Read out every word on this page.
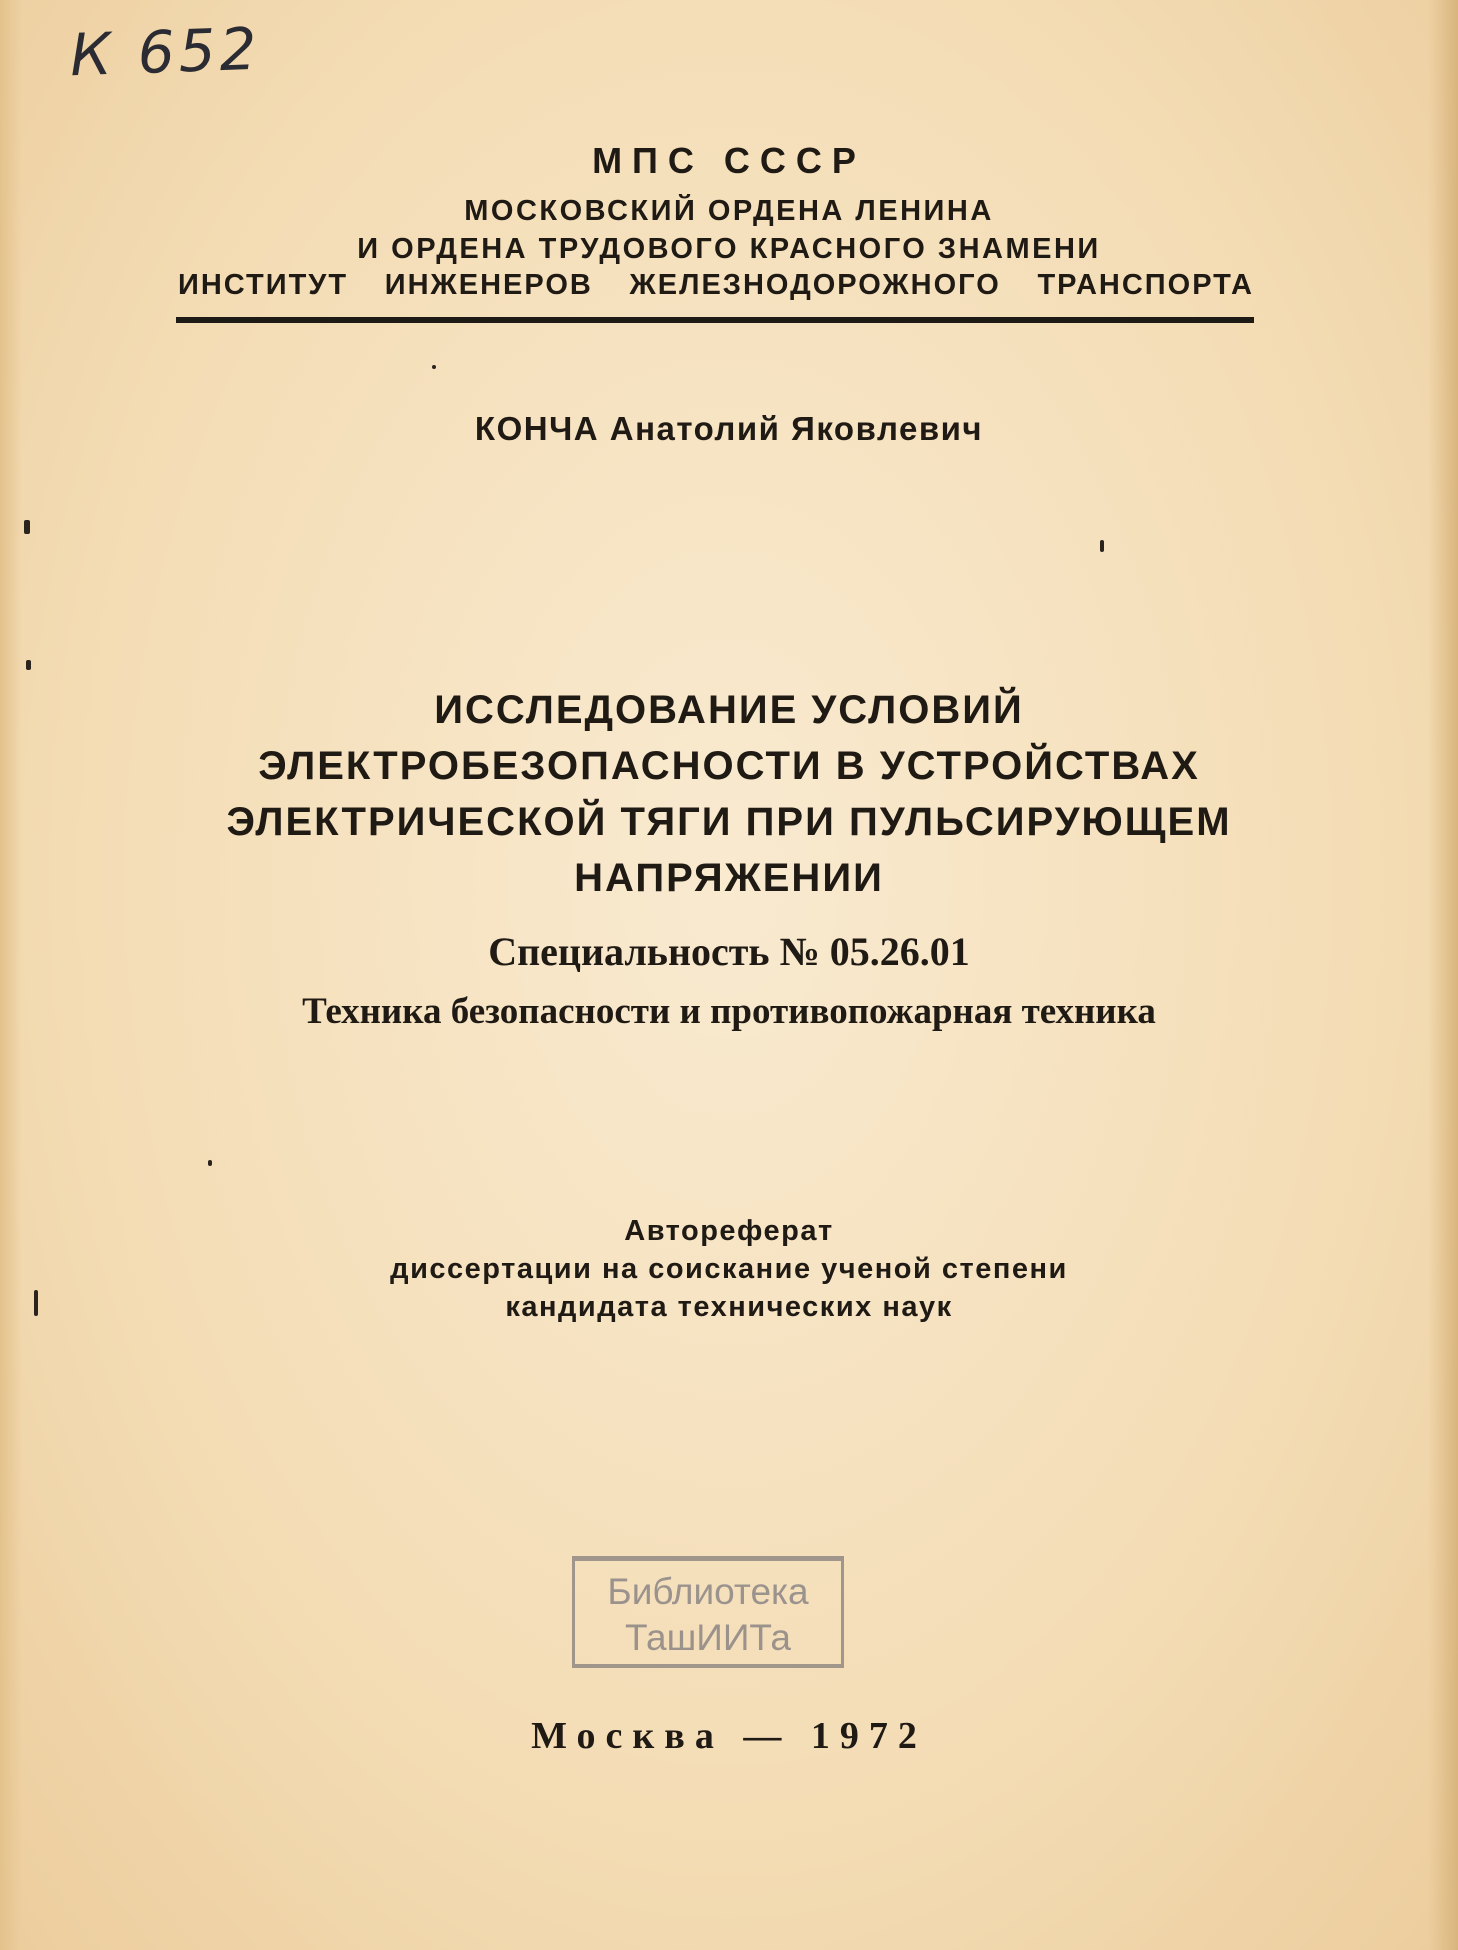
К 652
МПС СССР
МОСКОВСКИЙ ОРДЕНА ЛЕНИНА
И ОРДЕНА ТРУДОВОГО КРАСНОГО ЗНАМЕНИ
ИНСТИТУТ ИНЖЕНЕРОВ ЖЕЛЕЗНОДОРОЖНОГО ТРАНСПОРТА
КОНЧА Анатолий Яковлевич
ИССЛЕДОВАНИЕ УСЛОВИЙ
ЭЛЕКТРОБЕЗОПАСНОСТИ В УСТРОЙСТВАХ
ЭЛЕКТРИЧЕСКОЙ ТЯГИ ПРИ ПУЛЬСИРУЮЩЕМ
НАПРЯЖЕНИИ
Специальность № 05.26.01
Техника безопасности и противопожарная техника
Автореферат
диссертации на соискание ученой степени
кандидата технических наук
Библиотека
ТашИИТа
Москва — 1972
